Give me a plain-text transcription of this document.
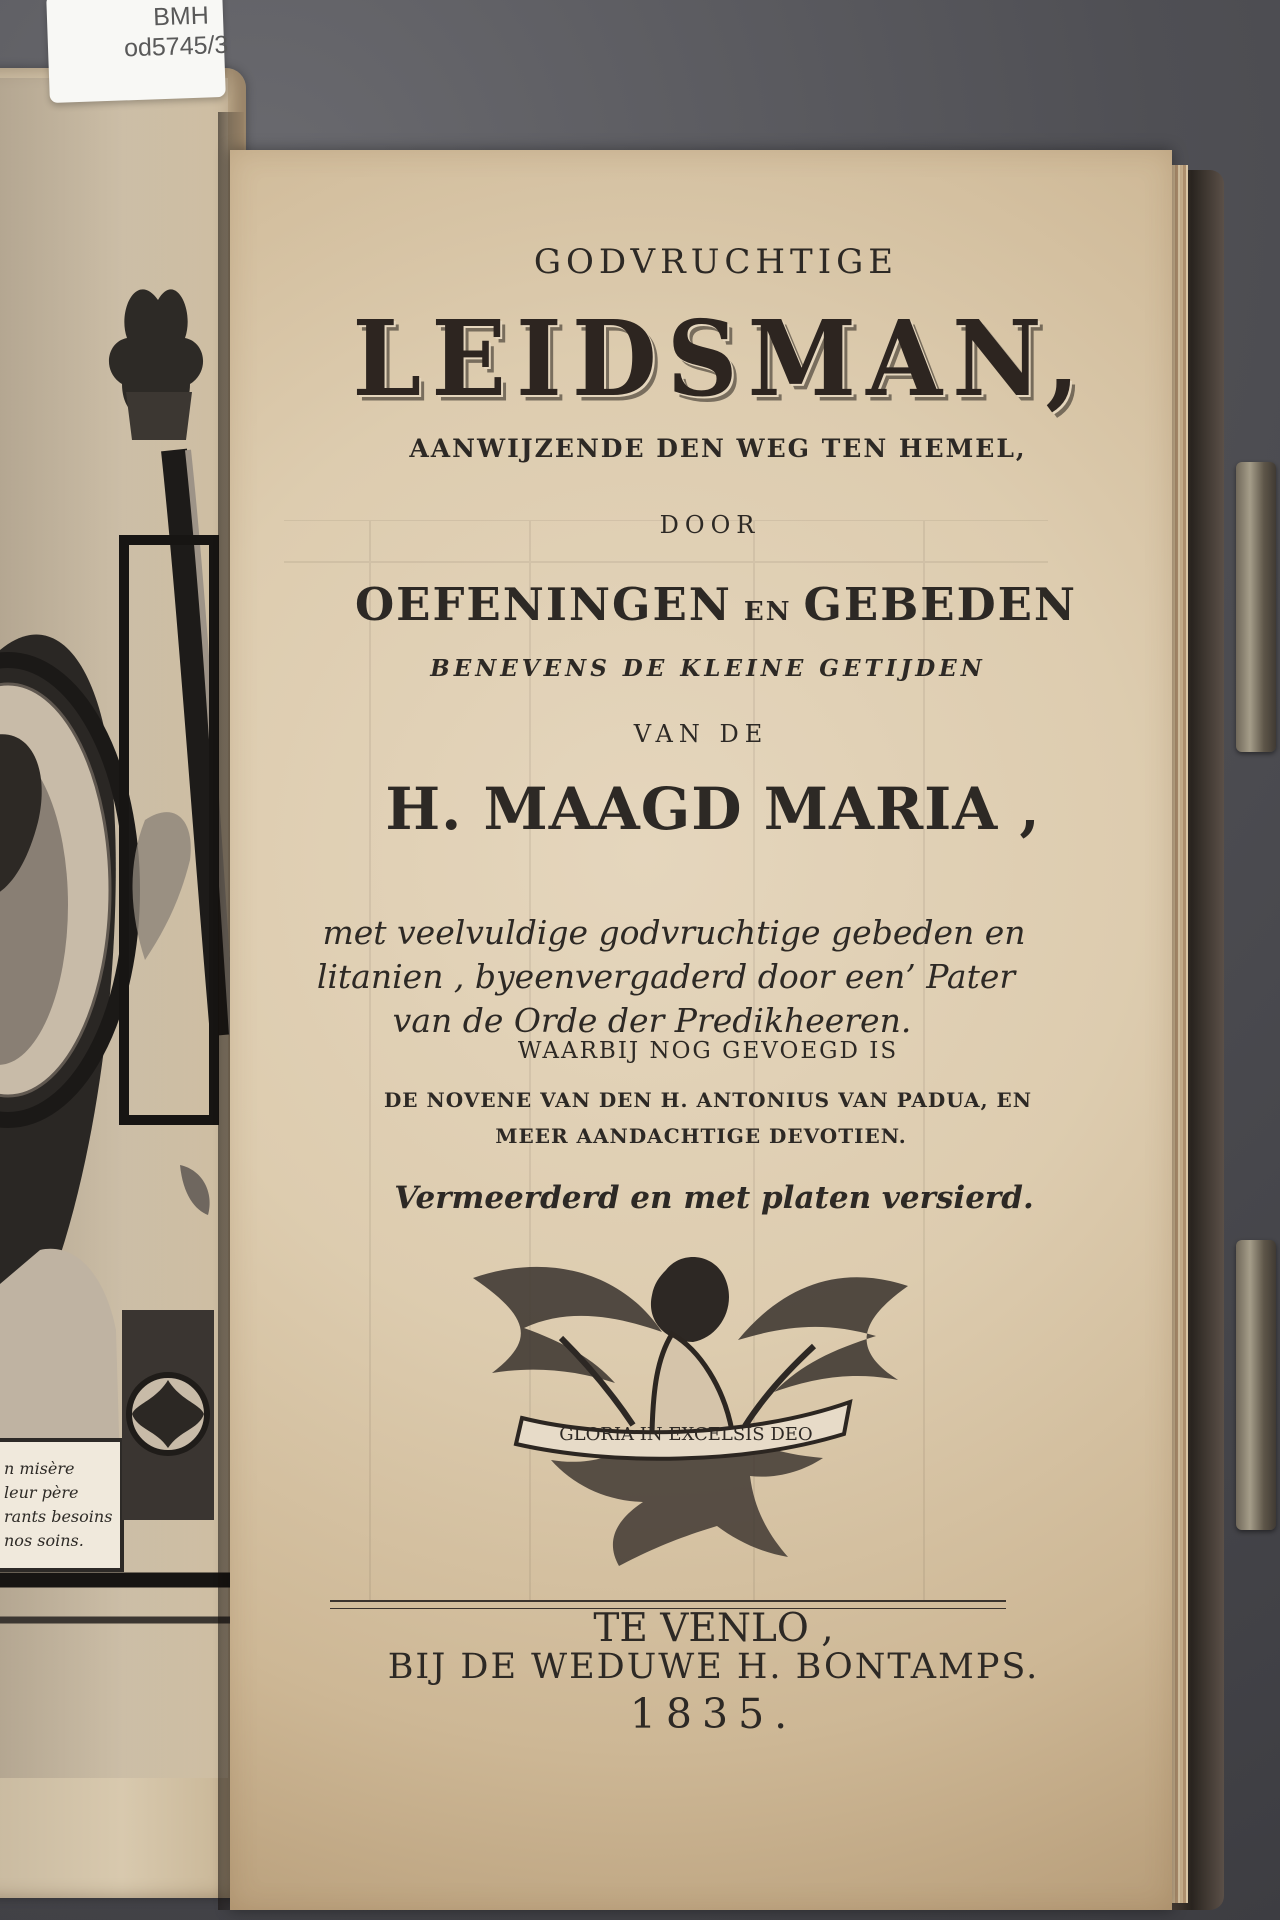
BMH
od5745/3
n misère
leur père
rants besoins
nos soins.

GODVRUCHTIGE

LEIDSMAN,

AANWIJZENDE DEN WEG TEN HEMEL,

DOOR

OEFENINGEN EN GEBEDEN

BENEVENS DE KLEINE GETIJDEN

VAN DE

H. MAAGD MARIA ,

met veelvuldige godvruchtige gebeden en

litanien , byeenvergaderd door een’ Pater

van de Orde der Predikheeren.

WAARBIJ NOG GEVOEGD IS

DE NOVENE VAN DEN H. ANTONIUS VAN PADUA, EN

MEER AANDACHTIGE DEVOTIEN.

Vermeerderd en met platen versierd.

GLORIA IN EXCELSIS DEO

TE VENLO ,

BIJ DE WEDUWE H. BONTAMPS.

1835.
